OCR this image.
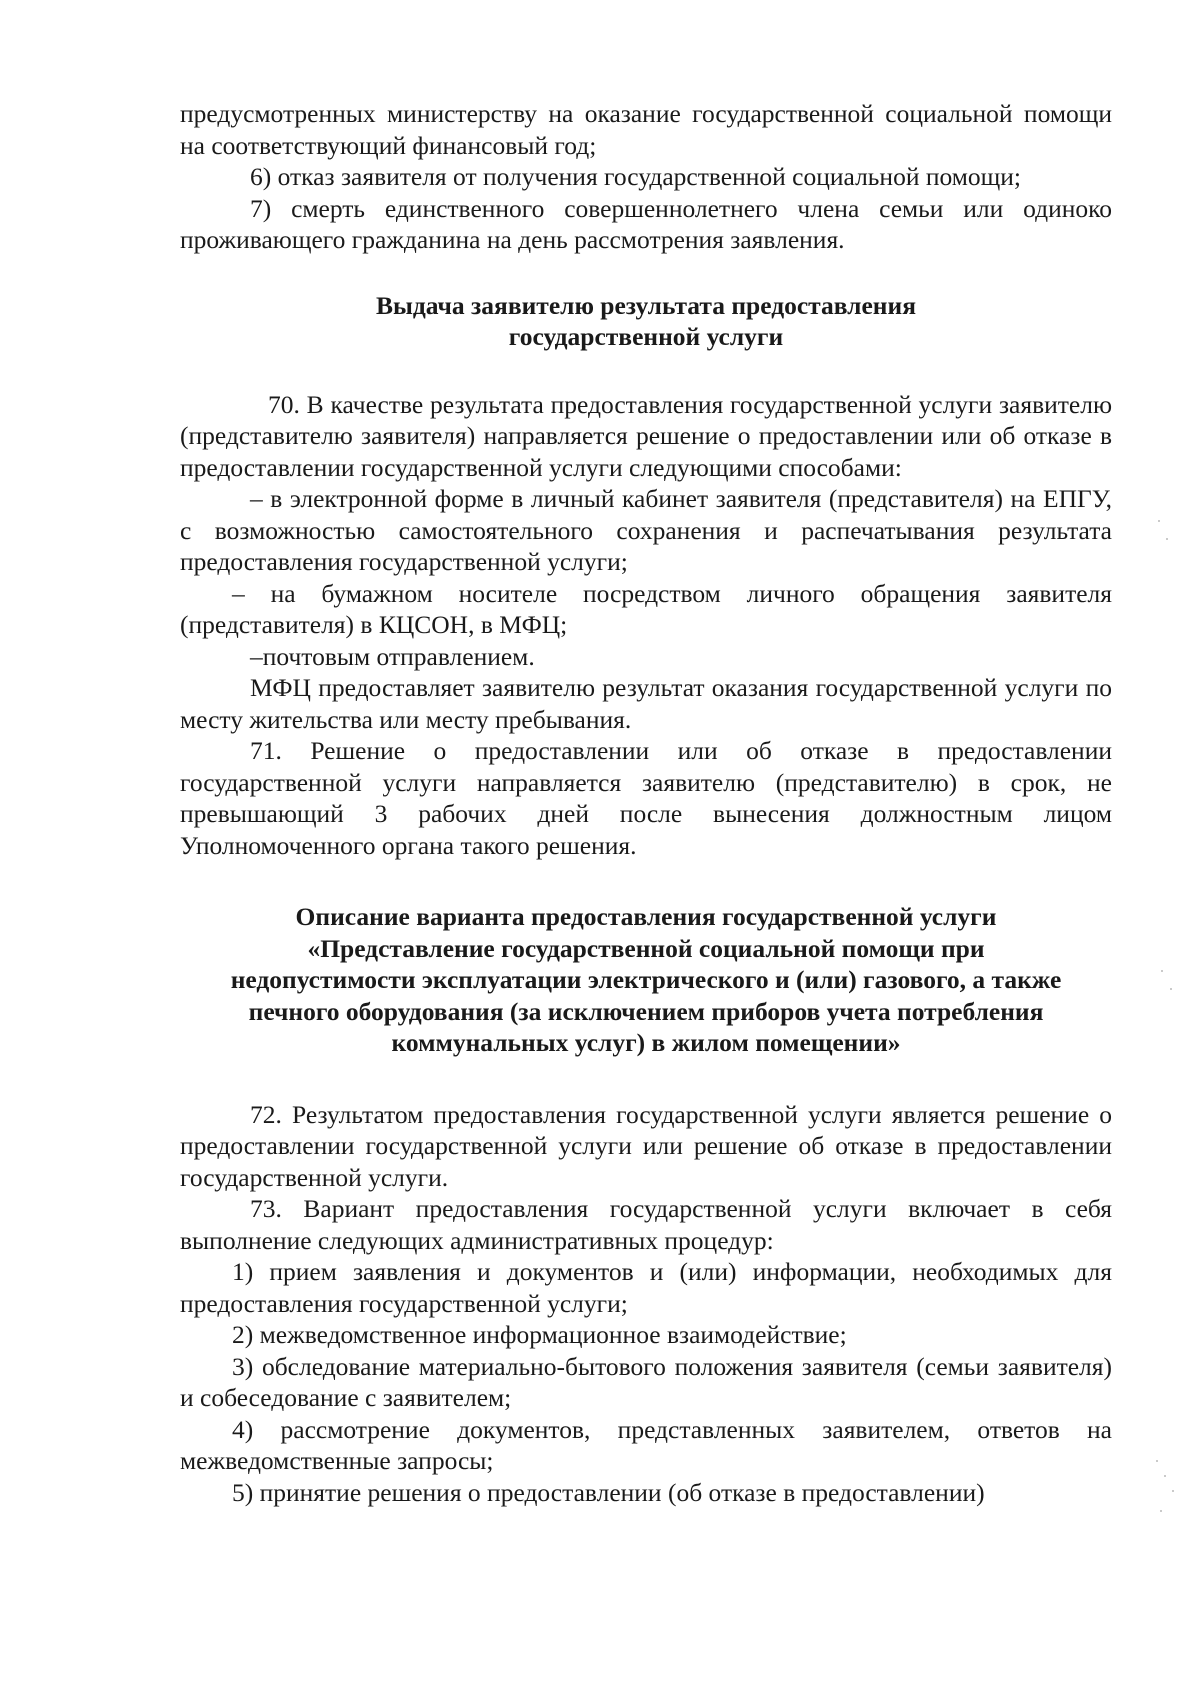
предусмотренных министерству на оказание государственной социальной помощи на соответствующий финансовый год;

6) отказ заявителя от получения государственной социальной помощи;

7) смерть единственного совершеннолетнего члена семьи или одиноко проживающего гражданина на день рассмотрения заявления.

Выдача заявителю результата предоставления

государственной услуги

70. В качестве результата предоставления государственной услуги заявителю (представителю заявителя) направляется решение о предоставлении или об отказе в предоставлении государственной услуги следующими способами:

– в электронной форме в личный кабинет заявителя (представителя) на ЕПГУ, с возможностью самостоятельного сохранения и распечатывания результата предоставления государственной услуги;

– на бумажном носителе посредством личного обращения заявителя (представителя) в КЦСОН, в МФЦ;

–почтовым отправлением.

МФЦ предоставляет заявителю результат оказания государственной услуги по месту жительства или месту пребывания.

71. Решение о предоставлении или об отказе в предоставлении государственной услуги направляется заявителю (представителю) в срок, не превышающий 3 рабочих дней после вынесения должностным лицом Уполномоченного органа такого решения.

Описание варианта предоставления государственной услуги

«Представление государственной социальной помощи при

недопустимости эксплуатации электрического и (или) газового, а также

печного оборудования (за исключением приборов учета потребления

коммунальных услуг) в жилом помещении»

72. Результатом предоставления государственной услуги является решение о предоставлении государственной услуги или решение об отказе в предоставлении государственной услуги.

73. Вариант предоставления государственной услуги включает в себя выполнение следующих административных процедур:

1) прием заявления и документов и (или) информации, необходимых для предоставления государственной услуги;

2) межведомственное информационное взаимодействие;

3) обследование материально-бытового положения заявителя (семьи заявителя) и собеседование с заявителем;

4) рассмотрение документов, представленных заявителем, ответов на межведомственные запросы;

5) принятие решения о предоставлении (об отказе в предоставлении)
